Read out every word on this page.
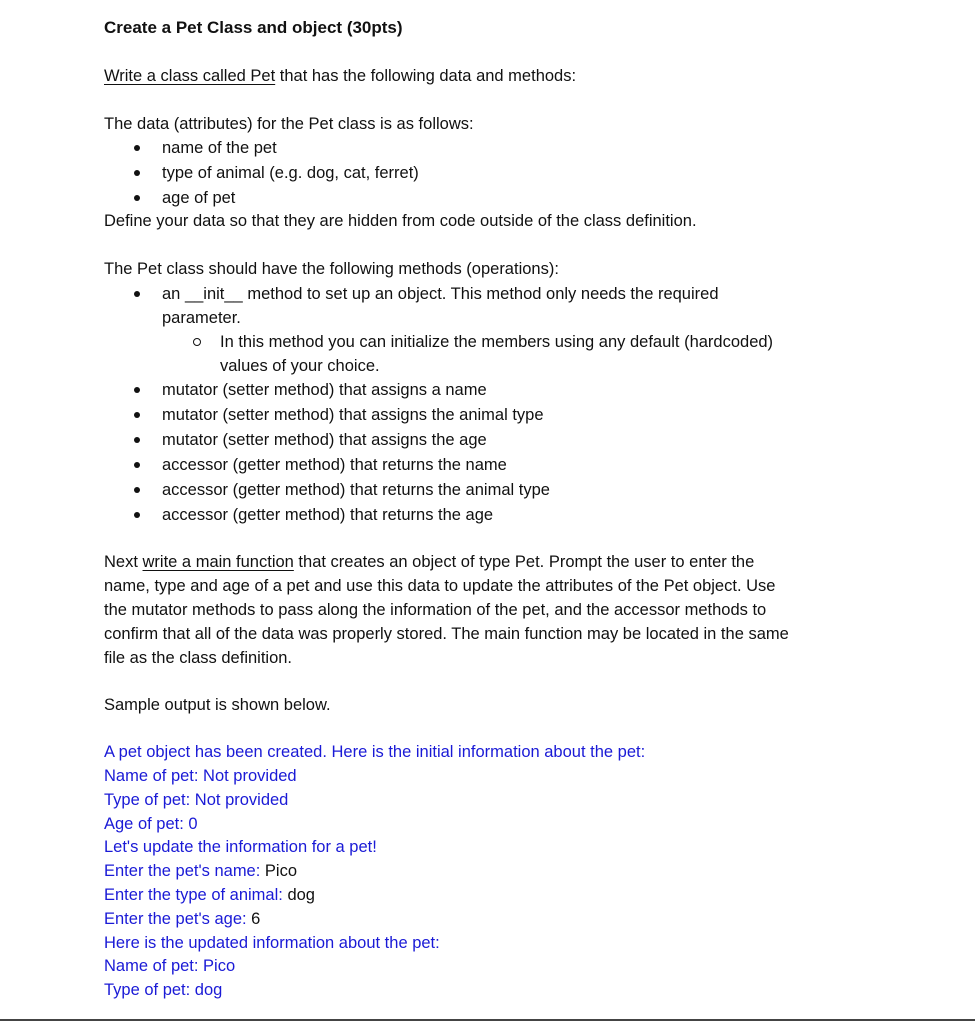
Create a Pet Class and object (30pts)
Write a class called Pet that has the following data and methods:
The data (attributes) for the Pet class is as follows:
name of the pet
type of animal (e.g. dog, cat, ferret)
age of pet
Define your data so that they are hidden from code outside of the class definition.
The Pet class should have the following methods (operations):
an __init__ method to set up an object. This method only needs the required
parameter.
In this method you can initialize the members using any default (hardcoded)
values of your choice.
mutator (setter method) that assigns a name
mutator (setter method) that assigns the animal type
mutator (setter method) that assigns the age
accessor (getter method) that returns the name
accessor (getter method) that returns the animal type
accessor (getter method) that returns the age
Next write a main function that creates an object of type Pet. Prompt the user to enter the
name, type and age of a pet and use this data to update the attributes of the Pet object. Use
the mutator methods to pass along the information of the pet, and the accessor methods to
confirm that all of the data was properly stored. The main function may be located in the same
file as the class definition.
Sample output is shown below.
A pet object has been created. Here is the initial information about the pet:
Name of pet: Not provided
Type of pet: Not provided
Age of pet: 0
Let's update the information for a pet!
Enter the pet's name: Pico
Enter the type of animal: dog
Enter the pet's age: 6
Here is the updated information about the pet:
Name of pet: Pico
Type of pet: dog
